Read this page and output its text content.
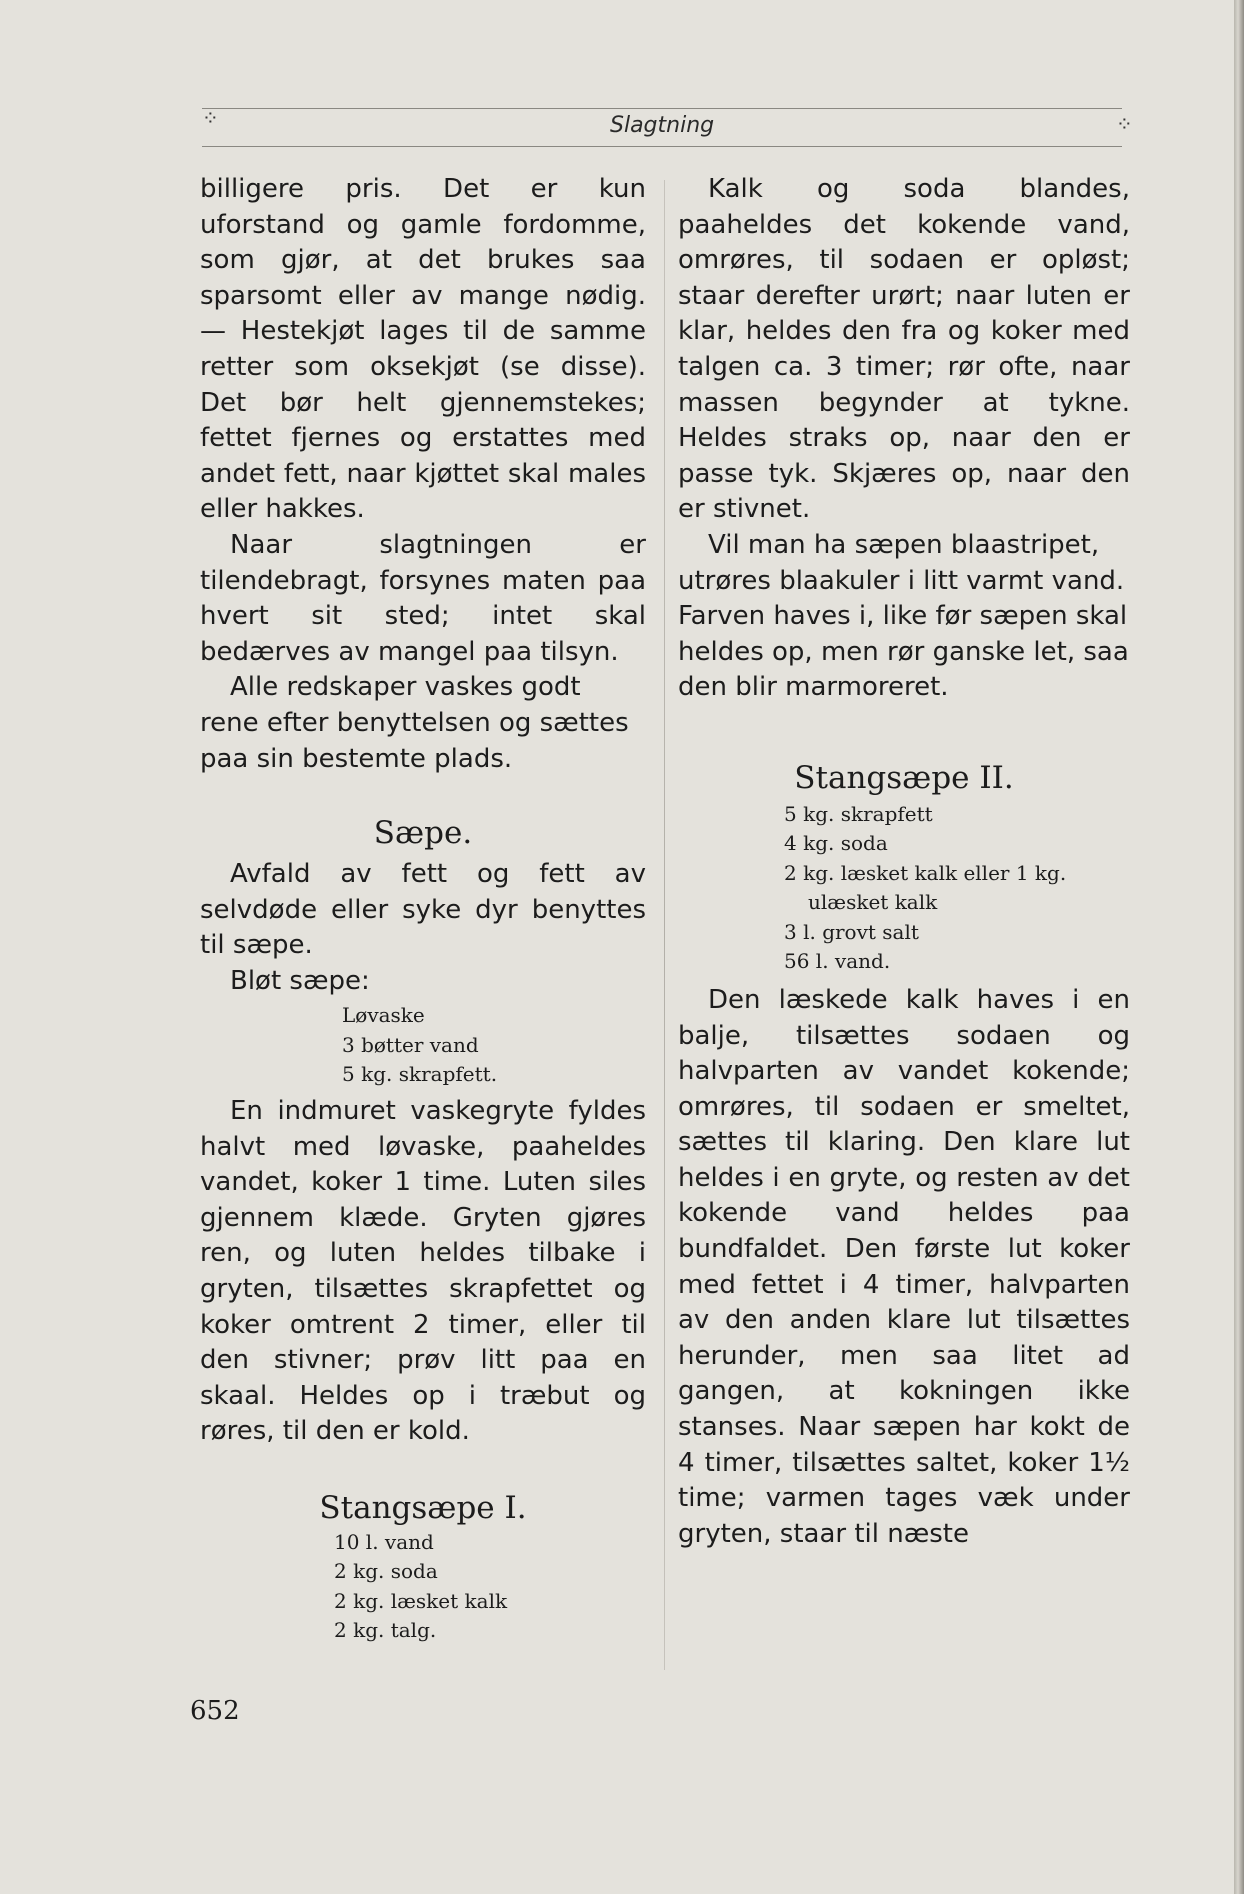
⁘	Slagtning	⁘

billigere pris. Det er kun uforstand og gamle fordomme, som gjør, at det brukes saa sparsomt eller av mange nødig. — Hestekjøt lages til de samme retter som oksekjøt (se disse). Det bør helt gjennemstekes; fettet fjernes og erstattes med andet fett, naar kjøttet skal males eller hakkes.

Naar slagtningen er tilendebragt, forsynes maten paa hvert sit sted; intet skal bedærves av mangel paa tilsyn.

Alle redskaper vaskes godt rene efter benyttelsen og sættes paa sin bestemte plads.

Sæpe.

Avfald av fett og fett av selvdøde eller syke dyr benyttes til sæpe.

Bløt sæpe:

Løvaske
3 bøtter vand
5 kg. skrapfett.

En indmuret vaskegryte fyldes halvt med løvaske, paaheldes vandet, koker 1 time. Luten siles gjennem klæde. Gryten gjøres ren, og luten heldes tilbake i gryten, tilsættes skrapfettet og koker omtrent 2 timer, eller til den stivner; prøv litt paa en skaal. Heldes op i træbut og røres, til den er kold.

Stangsæpe I.
10 l. vand
2 kg. soda
2 kg. læsket kalk
2 kg. talg.

Kalk og soda blandes, paaheldes det kokende vand, omrøres, til sodaen er opløst; staar derefter urørt; naar luten er klar, heldes den fra og koker med talgen ca. 3 timer; rør ofte, naar massen begynder at tykne. Heldes straks op, naar den er passe tyk. Skjæres op, naar den er stivnet.

Vil man ha sæpen blaastripet, utrøres blaakuler i litt varmt vand. Farven haves i, like før sæpen skal heldes op, men rør ganske let, saa den blir marmoreret.

Stangsæpe II.
5 kg. skrapfett
4 kg. soda
2 kg. læsket kalk eller 1 kg.
ulæsket kalk
3 l. grovt salt
56 l. vand.

Den læskede kalk haves i en balje, tilsættes sodaen og halvparten av vandet kokende; omrøres, til sodaen er smeltet, sættes til klaring. Den klare lut heldes i en gryte, og resten av det kokende vand heldes paa bundfaldet. Den første lut koker med fettet i 4 timer, halvparten av den anden klare lut tilsættes herunder, men saa litet ad gangen, at kokningen ikke stanses. Naar sæpen har kokt de 4 timer, tilsættes saltet, koker 1½ time; varmen tages væk under gryten, staar til næste

652
